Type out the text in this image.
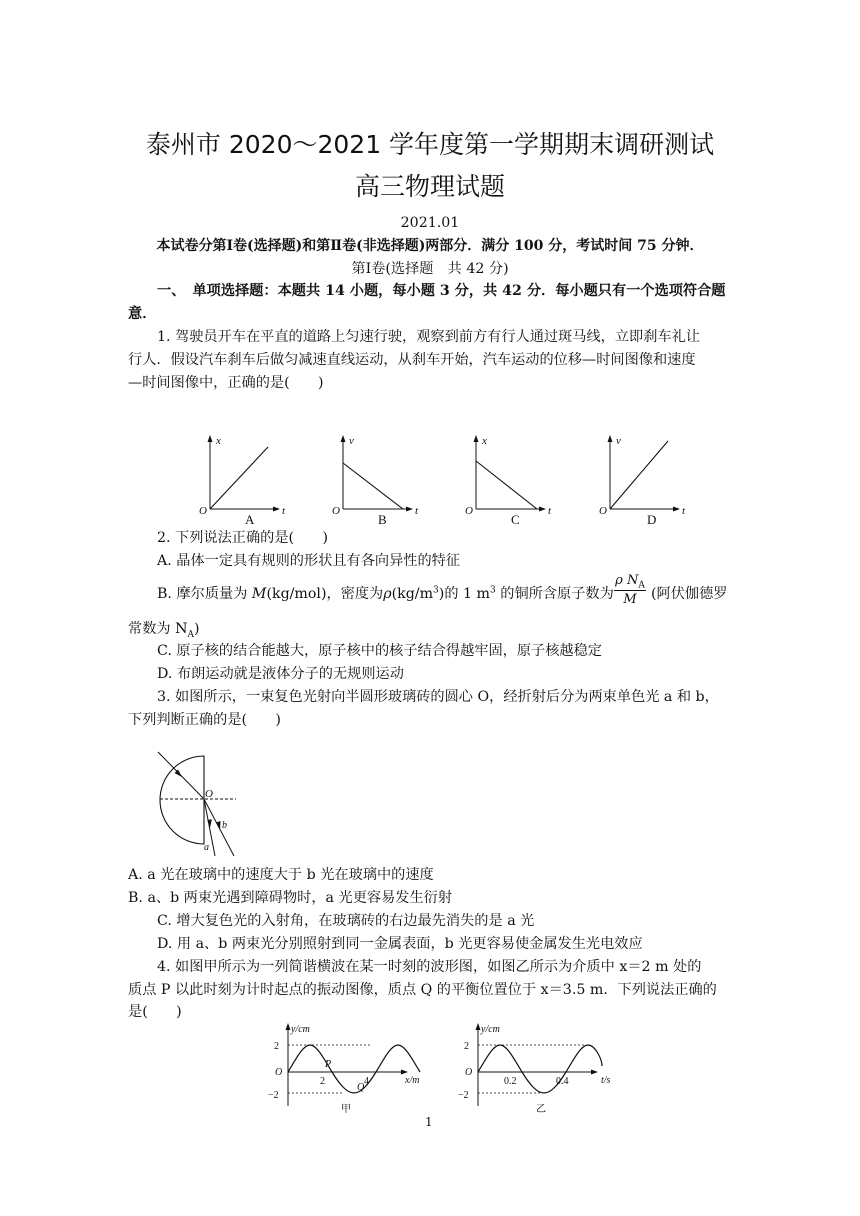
泰州市 2020～2021 学年度第一学期期末调研测试
高三物理试题
2021.01
本试卷分第Ⅰ卷(选择题)和第Ⅱ卷(非选择题)两部分．满分 100 分，考试时间 75 分钟．
第Ⅰ卷(选择题　共 42 分)
一、　单项选择题：本题共 14 小题，每小题 3 分，共 42 分．每小题只有一个选项符合题
意．
1. 驾驶员开车在平直的道路上匀速行驶，观察到前方有行人通过斑马线，立即刹车礼让
行人．假设汽车刹车后做匀减速直线运动，从刹车开始，汽车运动的位移—时间图像和速度
—时间图像中，正确的是(　　)
x
t
O
A
v
t
O
B
x
t
O
C
v
t
O
D
2. 下列说法正确的是(　　)
A. 晶体一定具有规则的形状且有各向异性的特征
B. 摩尔质量为 M(kg/mol)，密度为$\rho(kg/m^3)$的 1 $m^3$ 的铜所含原子数为
ρ $N_A$
M	(阿伏伽德罗
常数为 $N_A$)
C. 原子核的结合能越大，原子核中的核子结合得越牢固，原子核越稳定
D. 布朗运动就是液体分子的无规则运动
3. 如图所示，一束复色光射向半圆形玻璃砖的圆心 O，经折射后分为两束单色光 a 和 b，
下列判断正确的是(　　)
O
b
a
A. a 光在玻璃中的速度大于 b 光在玻璃中的速度
B. a、b 两束光遇到障碍物时，a 光更容易发生衍射
C. 增大复色光的入射角，在玻璃砖的右边最先消失的是 a 光
D. 用 a、b 两束光分别照射到同一金属表面，b 光更容易使金属发生光电效应
4. 如图甲所示为一列简谐横波在某一时刻的波形图，如图乙所示为介质中 x＝2 m 处的
质点 P 以此时刻为计时起点的振动图像，质点 Q 的平衡位置位于 x＝3.5 m．下列说法正确的
是(　　)
y/cm
2
−2
O
2	4
P
Q
x/m
甲
y/cm
2
−2
O
0.2	0.4	t/s
乙
1
